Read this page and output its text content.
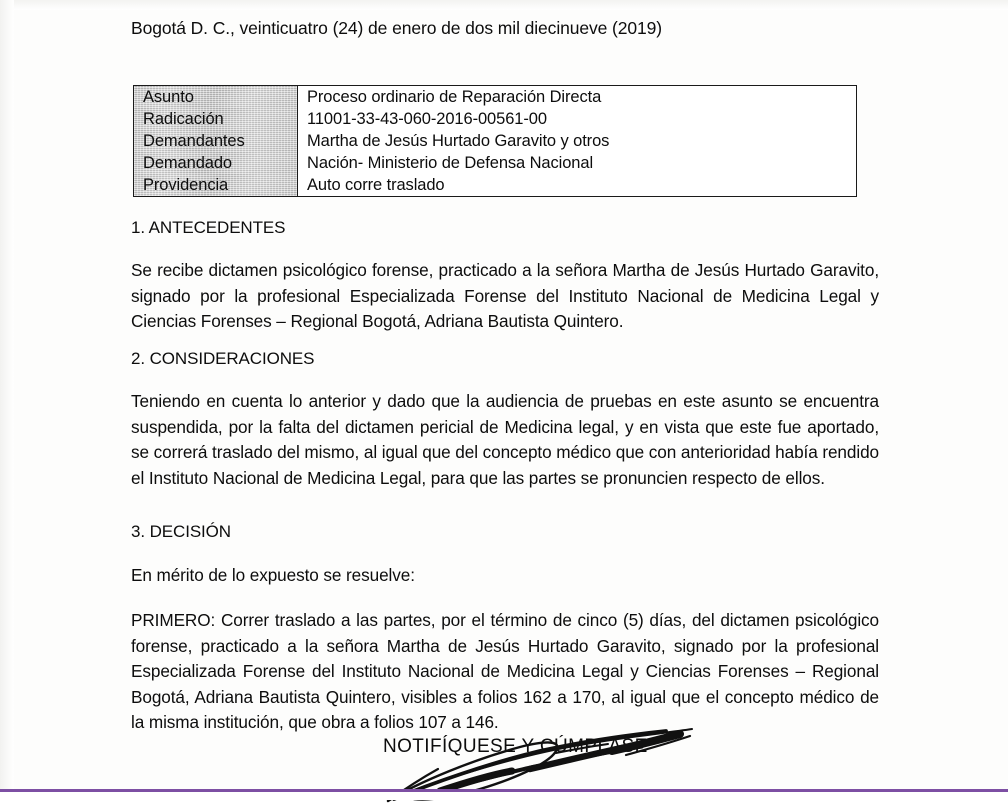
Bogotá D. C., veinticuatro (24) de enero de dos mil diecinueve (2019)
Asunto	Proceso ordinario de Reparación Directa
Radicación	11001-33-43-060-2016-00561-00
Demandantes	Martha de Jesús Hurtado Garavito y otros
Demandado	Nación- Ministerio de Defensa Nacional
Providencia	Auto corre traslado
1. ANTECEDENTES
Se recibe dictamen psicológico forense, practicado a la señora Martha de Jesús Hurtado Garavito, signado por la profesional Especializada Forense del Instituto Nacional de Medicina Legal y Ciencias Forenses – Regional Bogotá, Adriana Bautista Quintero.
2. CONSIDERACIONES
Teniendo en cuenta lo anterior y dado que la audiencia de pruebas en este asunto se encuentra suspendida, por la falta del dictamen pericial de Medicina legal, y en vista que este fue aportado, se correrá traslado del mismo, al igual que del concepto médico que con anterioridad había rendido el Instituto Nacional de Medicina Legal, para que las partes se pronuncien respecto de ellos.
3. DECISIÓN
En mérito de lo expuesto se resuelve:
PRIMERO: Correr traslado a las partes, por el término de cinco (5) días, del dictamen psicológico forense, practicado a la señora Martha de Jesús Hurtado Garavito, signado por la profesional Especializada Forense del Instituto Nacional de Medicina Legal y Ciencias Forenses – Regional Bogotá, Adriana Bautista Quintero, visibles a folios 162 a 170, al igual que el concepto médico de la misma institución, que obra a folios 107 a 146.
NOTIFÍQUESE Y CÚMPLASE
